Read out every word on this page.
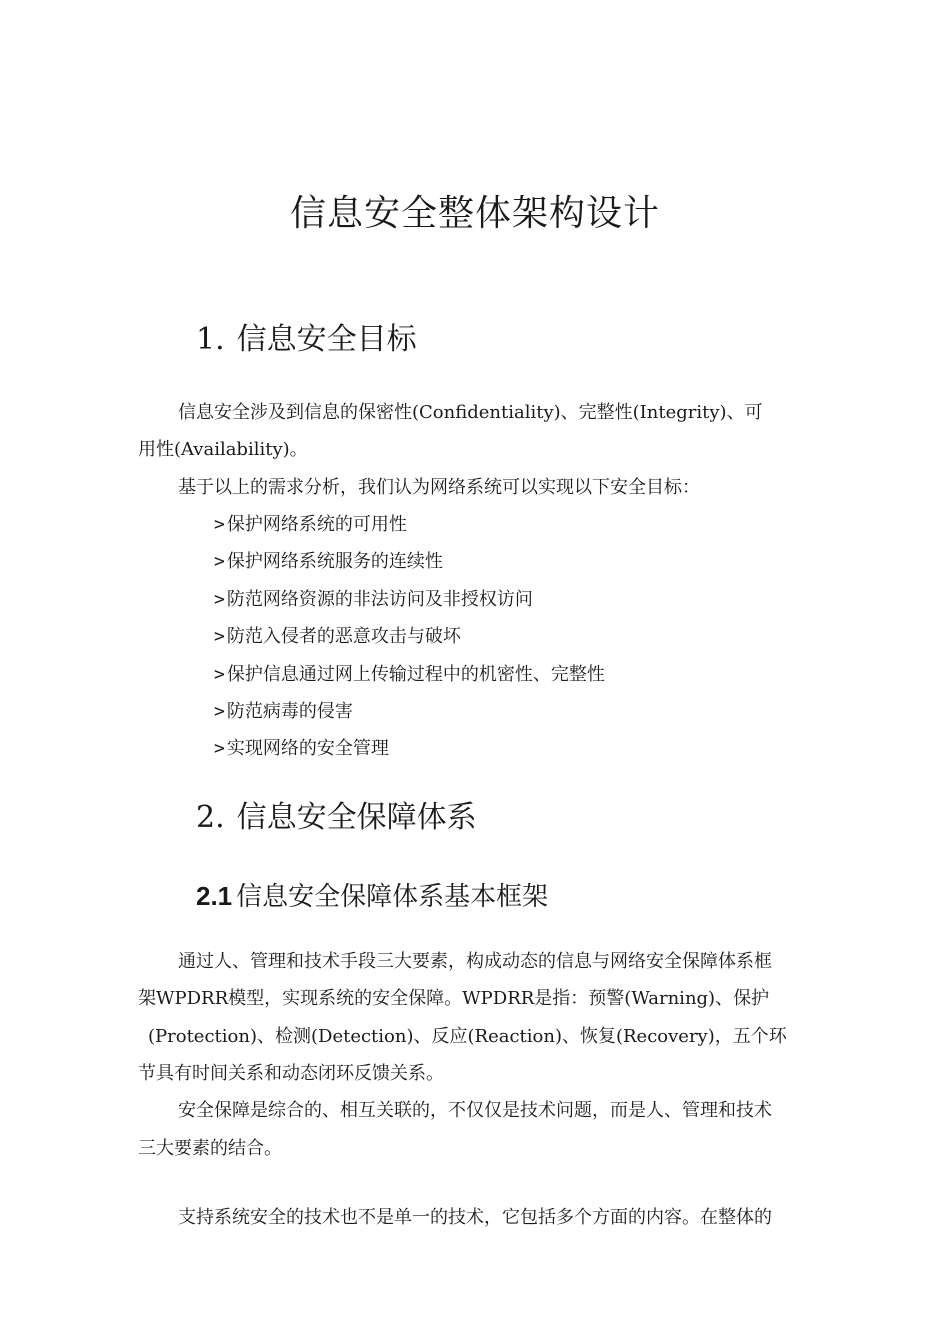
信息安全整体架构设计
1. 信息安全目标

信息安全涉及到信息的保密性(Confidentiality)、完整性(Integrity)、可

用性(Availability)。

基于以上的需求分析，我们认为网络系统可以实现以下安全目标：

> 保护网络系统的可用性
> 保护网络系统服务的连续性
> 防范网络资源的非法访问及非授权访问
> 防范入侵者的恶意攻击与破坏
> 保护信息通过网上传输过程中的机密性、完整性
> 防范病毒的侵害
> 实现网络的安全管理
2. 信息安全保障体系
2.1 信息安全保障体系基本框架

通过人、管理和技术手段三大要素，构成动态的信息与网络安全保障体系框

架WPDRR模型，实现系统的安全保障。WPDRR是指：预警(Warning)、保护

(Protection)、检测(Detection)、反应(Reaction)、恢复(Recovery)，五个环

节具有时间关系和动态闭环反馈关系。

安全保障是综合的、相互关联的，不仅仅是技术问题，而是人、管理和技术

三大要素的结合。

支持系统安全的技术也不是单一的技术，它包括多个方面的内容。在整体的
